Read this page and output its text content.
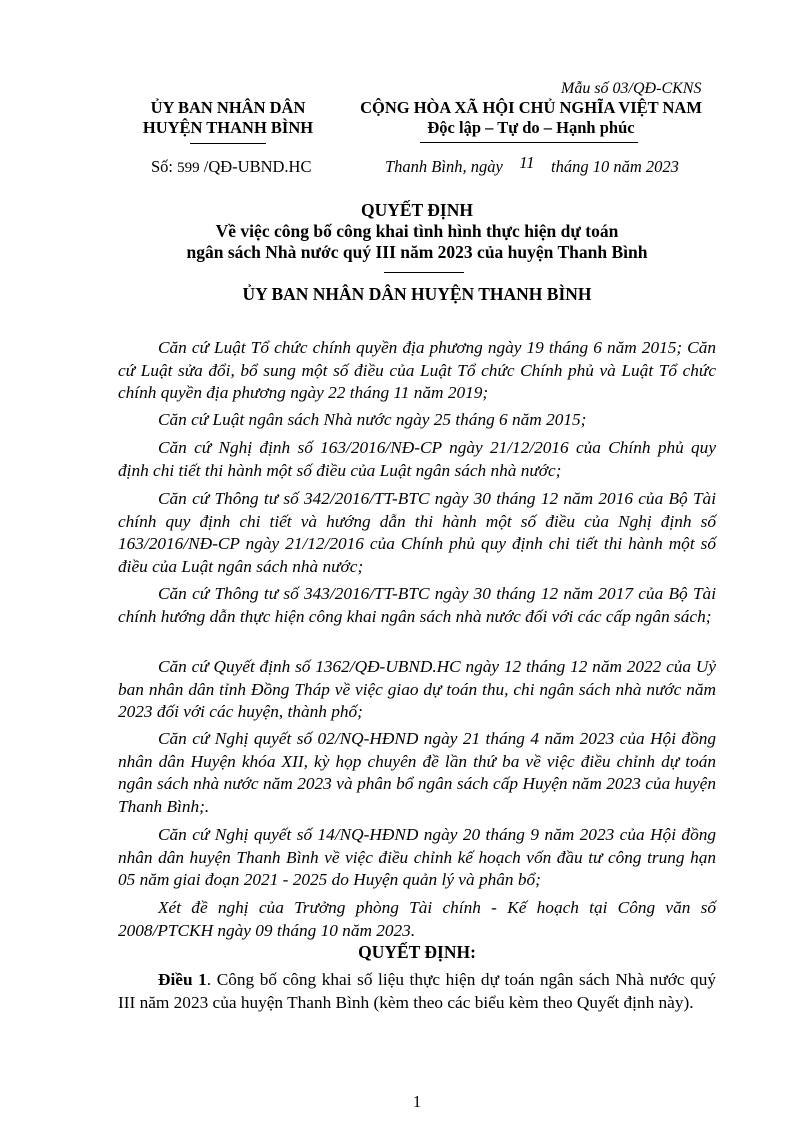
Mẫu số 03/QĐ-CKNS
ỦY BAN NHÂN DÂN
HUYỆN THANH BÌNH
CỘNG HÒA XÃ HỘI CHỦ NGHĨA VIỆT NAM
Độc lập – Tự do – Hạnh phúc
Số: 599 /QĐ-UBND.HC	Thanh Bình, ngày 11 tháng 10 năm 2023
QUYẾT ĐỊNH
Về việc công bố công khai tình hình thực hiện dự toán
ngân sách Nhà nước quý III năm 2023 của huyện Thanh Bình
ỦY BAN NHÂN DÂN HUYỆN THANH BÌNH
Căn cứ Luật Tổ chức chính quyền địa phương ngày 19 tháng 6 năm 2015; Căn cứ Luật sửa đổi, bổ sung một số điều của Luật Tổ chức Chính phủ và Luật Tổ chức chính quyền địa phương ngày 22 tháng 11 năm 2019;
Căn cứ Luật ngân sách Nhà nước ngày 25 tháng 6 năm 2015;
Căn cứ Nghị định số 163/2016/NĐ-CP ngày 21/12/2016 của Chính phủ quy định chi tiết thi hành một số điều của Luật ngân sách nhà nước;
Căn cứ Thông tư số 342/2016/TT-BTC ngày 30 tháng 12 năm 2016 của Bộ Tài chính quy định chi tiết và hướng dẫn thi hành một số điều của Nghị định số 163/2016/NĐ-CP ngày 21/12/2016 của Chính phủ quy định chi tiết thi hành một số điều của Luật ngân sách nhà nước;
Căn cứ Thông tư số 343/2016/TT-BTC ngày 30 tháng 12 năm 2017 của Bộ Tài chính hướng dẫn thực hiện công khai ngân sách nhà nước đối với các cấp ngân sách;
Căn cứ Quyết định số 1362/QĐ-UBND.HC ngày 12 tháng 12 năm 2022 của Uỷ ban nhân dân tỉnh Đồng Tháp về việc giao dự toán thu, chi ngân sách nhà nước năm 2023 đối với các huyện, thành phố;
Căn cứ Nghị quyết số 02/NQ-HĐND ngày 21 tháng 4 năm 2023 của Hội đồng nhân dân Huyện khóa XII, kỳ họp chuyên đề lần thứ ba về việc điều chỉnh dự toán ngân sách nhà nước năm 2023 và phân bổ ngân sách cấp Huyện năm 2023 của huyện Thanh Bình;.
Căn cứ Nghị quyết số 14/NQ-HĐND ngày 20 tháng 9 năm 2023 của Hội đồng nhân dân huyện Thanh Bình về việc điều chỉnh kế hoạch vốn đầu tư công trung hạn 05 năm giai đoạn 2021 - 2025 do Huyện quản lý và phân bổ;
Xét đề nghị của Trưởng phòng Tài chính - Kế hoạch tại Công văn số 2008/PTCKH ngày 09 tháng 10 năm 2023.
QUYẾT ĐỊNH:
Điều 1. Công bố công khai số liệu thực hiện dự toán ngân sách Nhà nước quý III năm 2023 của huyện Thanh Bình (kèm theo các biểu kèm theo Quyết định này).
1
